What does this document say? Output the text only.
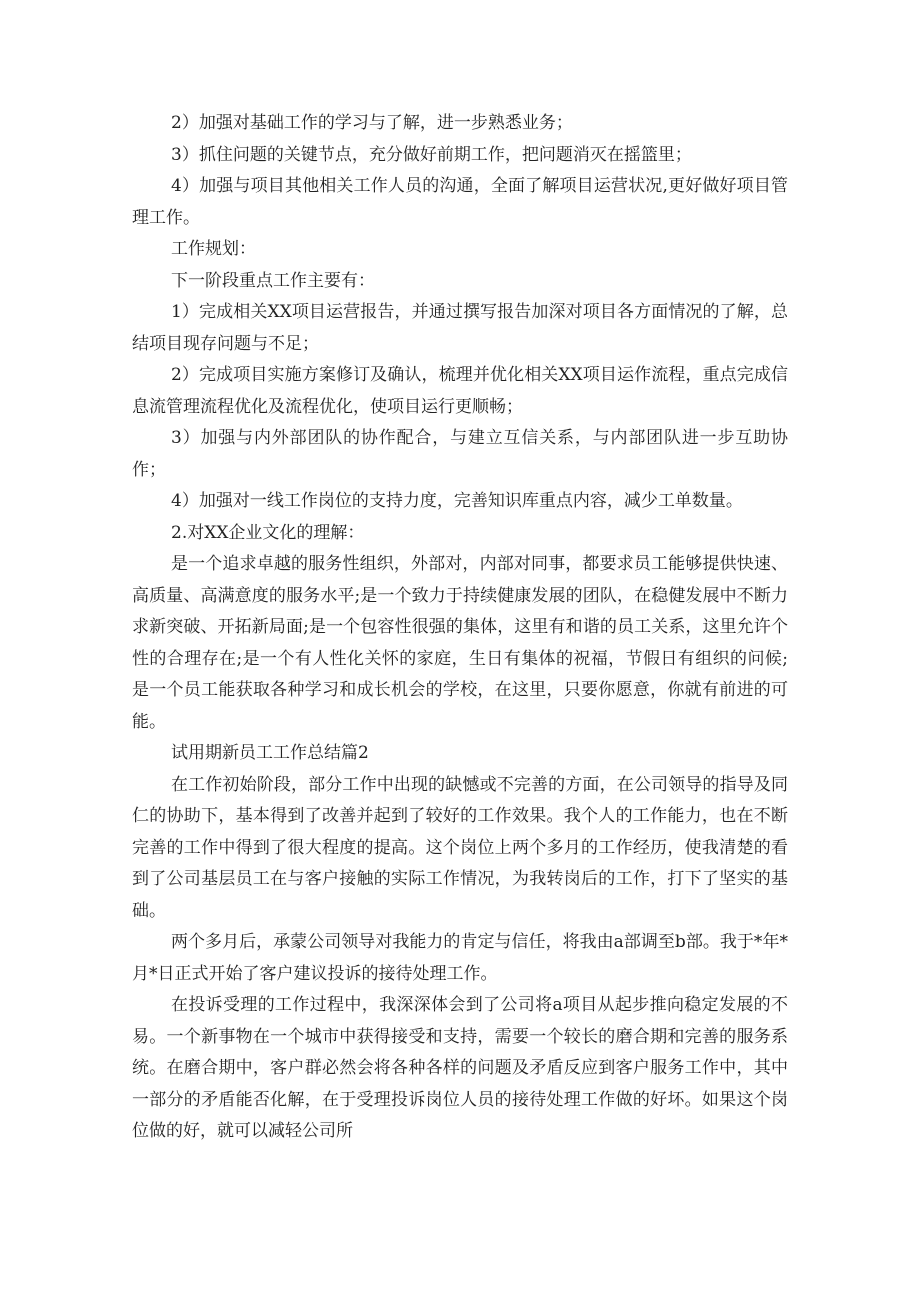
2）加强对基础工作的学习与了解，进一步熟悉业务；

3）抓住问题的关键节点，充分做好前期工作，把问题消灭在摇篮里；

4）加强与项目其他相关工作人员的沟通，全面了解项目运营状况,更好做好项目管理工作。

工作规划：

下一阶段重点工作主要有：

1）完成相关XX项目运营报告，并通过撰写报告加深对项目各方面情况的了解，总结项目现存问题与不足；

2）完成项目实施方案修订及确认，梳理并优化相关XX项目运作流程，重点完成信息流管理流程优化及流程优化，使项目运行更顺畅；

3）加强与内外部团队的协作配合，与建立互信关系，与内部团队进一步互助协作；

4）加强对一线工作岗位的支持力度，完善知识库重点内容，减少工单数量。

2.对XX企业文化的理解：

是一个追求卓越的服务性组织，外部对，内部对同事，都要求员工能够提供快速、高质量、高满意度的服务水平;是一个致力于持续健康发展的团队，在稳健发展中不断力求新突破、开拓新局面;是一个包容性很强的集体，这里有和谐的员工关系，这里允许个性的合理存在;是一个有人性化关怀的家庭，生日有集体的祝福，节假日有组织的问候;是一个员工能获取各种学习和成长机会的学校，在这里，只要你愿意，你就有前进的可能。

试用期新员工工作总结篇2

在工作初始阶段，部分工作中出现的缺憾或不完善的方面，在公司领导的指导及同仁的协助下，基本得到了改善并起到了较好的工作效果。我个人的工作能力，也在不断完善的工作中得到了很大程度的提高。这个岗位上两个多月的工作经历，使我清楚的看到了公司基层员工在与客户接触的实际工作情况，为我转岗后的工作，打下了坚实的基础。

两个多月后，承蒙公司领导对我能力的肯定与信任，将我由a部调至b部。我于*年*月*日正式开始了客户建议投诉的接待处理工作。

在投诉受理的工作过程中，我深深体会到了公司将a项目从起步推向稳定发展的不易。一个新事物在一个城市中获得接受和支持，需要一个较长的磨合期和完善的服务系统。在磨合期中，客户群必然会将各种各样的问题及矛盾反应到客户服务工作中，其中一部分的矛盾能否化解，在于受理投诉岗位人员的接待处理工作做的好坏。如果这个岗位做的好，就可以减轻公司所
